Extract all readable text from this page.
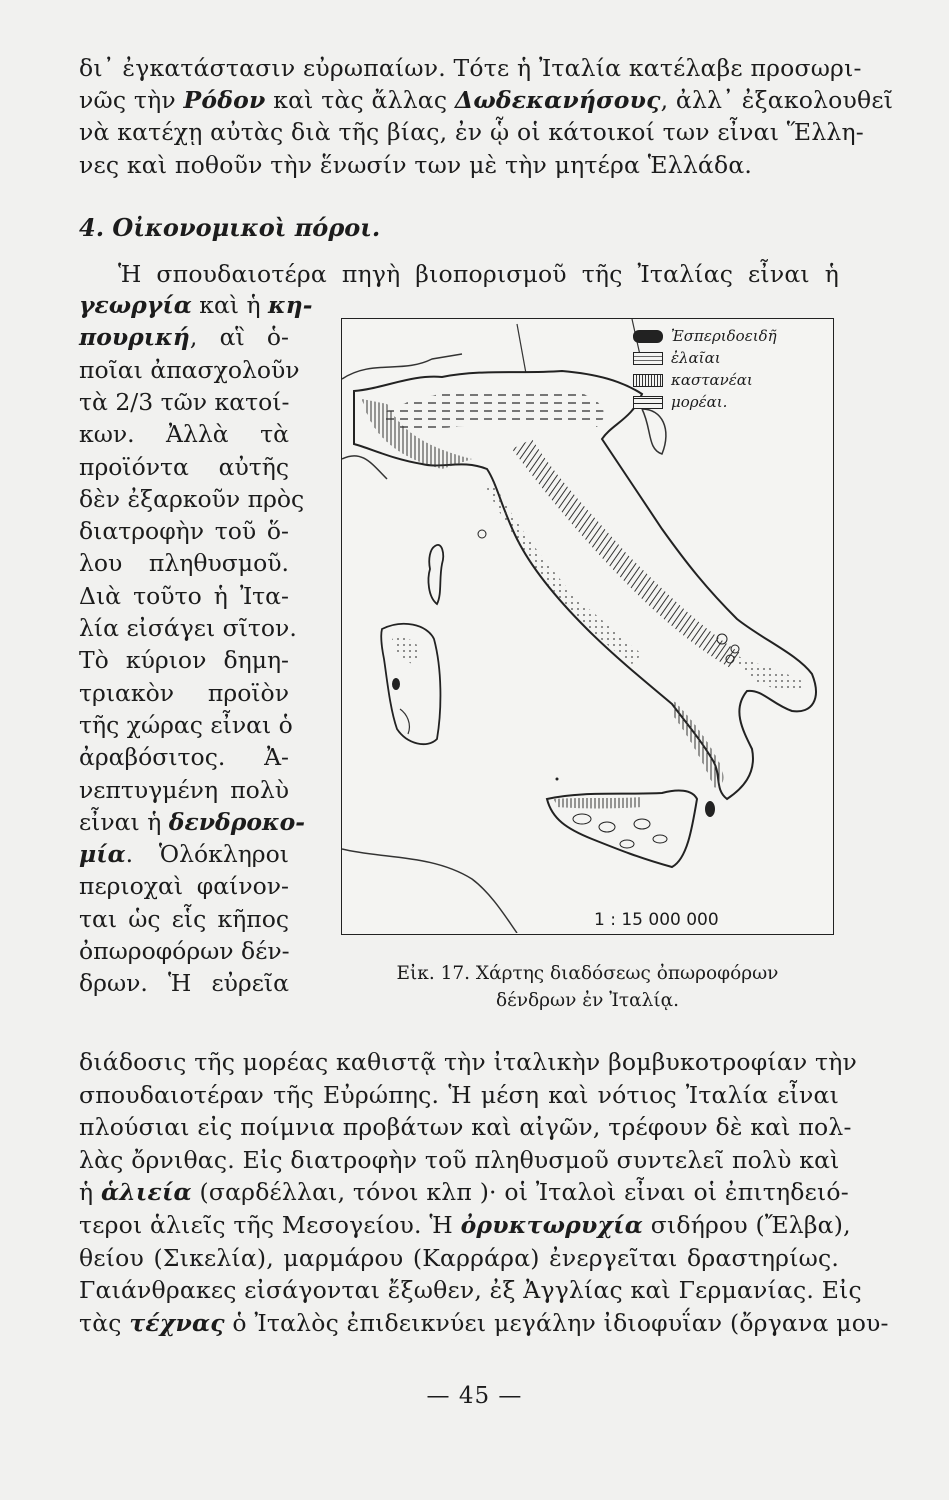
δι᾽ ἐγκατάστασιν εὐρωπαίων. Τότε ἡ Ἰταλία κατέλαβε προσωρι-
νῶς τὴν Ρόδον καὶ τὰς ἄλλας Δωδεκανήσους, ἀλλ᾽ ἐξακολουθεῖ
νὰ κατέχῃ αὐτὰς διὰ τῆς βίας, ἐν ᾧ οἱ κάτοικοί των εἶναι Ἕλλη-
νες καὶ ποθοῦν τὴν ἕνωσίν των μὲ τὴν μητέρα Ἑλλάδα.
4. Οἰκονομικοὶ πόροι.
Ἡ σπουδαιοτέρα πηγὴ βιοπορισμοῦ τῆς Ἰταλίας εἶναι ἡ
γεωργία καὶ ἡ κη-
πουρική, αἳ ὁ-
ποῖαι ἀπασχολοῦν
τὰ 2/3 τῶν κατοί-
κων. Ἀλλὰ τὰ
προϊόντα αὐτῆς
δὲν ἐξαρκοῦν πρὸς
διατροφὴν τοῦ ὅ-
λου πληθυσμοῦ.
Διὰ τοῦτο ἡ Ἰτα-
λία εἰσάγει σῖτον.
Τὸ κύριον δημη-
τριακὸν προϊὸν
τῆς χώρας εἶναι ὁ
ἀραβόσιτος. Ἀ-
νεπτυγμένη πολὺ
εἶναι ἡ δενδροκο-
μία. Ὁλόκληροι
περιοχαὶ φαίνον-
ται ὡς εἷς κῆπος
ὀπωροφόρων δέν-
δρων. Ἡ εὐρεῖα
Ἐσπεριδοειδῆ
ἐλαῖαι
καστανέαι
μορέαι.
1 : 15 000 000
Εἰκ. 17. Χάρτης διαδόσεως ὀπωροφόρων
δένδρων ἐν Ἰταλίᾳ.
διάδοσις τῆς μορέας καθιστᾷ τὴν ἰταλικὴν βομβυκοτροφίαν τὴν
σπουδαιοτέραν τῆς Εὐρώπης. Ἡ μέση καὶ νότιος Ἰταλία εἶναι
πλούσιαι εἰς ποίμνια προβάτων καὶ αἰγῶν, τρέφουν δὲ καὶ πολ-
λὰς ὄρνιθας. Εἰς διατροφὴν τοῦ πληθυσμοῦ συντελεῖ πολὺ καὶ
ἡ ἁλιεία (σαρδέλλαι, τόνοι κλπ )· οἱ Ἰταλοὶ εἶναι οἱ ἐπιτηδειό-
τεροι ἁλιεῖς τῆς Μεσογείου. Ἡ ὀρυκτωρυχία σιδήρου (Ἔλβα),
θείου (Σικελία), μαρμάρου (Καρράρα) ἐνεργεῖται δραστηρίως.
Γαιάνθρακες εἰσάγονται ἔξωθεν, ἐξ Ἀγγλίας καὶ Γερμανίας. Εἰς
τὰς τέχνας ὁ Ἰταλὸς ἐπιδεικνύει μεγάλην ἰδιοφυΐαν (ὄργανα μου-
— 45 —
